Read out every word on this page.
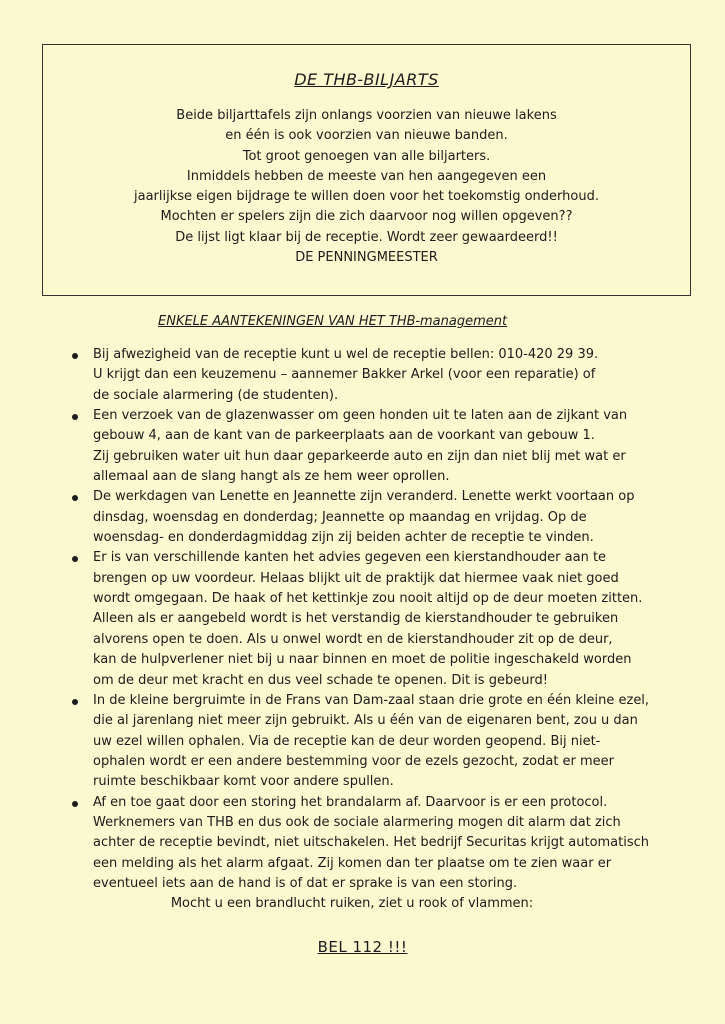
DE THB-BILJARTS
Beide biljarttafels zijn onlangs voorzien van nieuwe lakens
en één is ook voorzien van nieuwe banden.
Tot groot genoegen van alle biljarters.
Inmiddels hebben de meeste van hen aangegeven een
jaarlijkse eigen bijdrage te willen doen voor het toekomstig onderhoud.
Mochten er spelers zijn die zich daarvoor nog willen opgeven??
De lijst ligt klaar bij de receptie. Wordt zeer gewaardeerd!!
DE PENNINGMEESTER
ENKELE AANTEKENINGEN VAN HET THB-management
Bij afwezigheid van de receptie kunt u wel de receptie bellen: 010-420 29 39.
U krijgt dan een keuzemenu – aannemer Bakker Arkel (voor een reparatie) of
de sociale alarmering (de studenten).
Een verzoek van de glazenwasser om geen honden uit te laten aan de zijkant van
gebouw 4, aan de kant van de parkeerplaats aan de voorkant van gebouw 1.
Zij gebruiken water uit hun daar geparkeerde auto en zijn dan niet blij met wat er
allemaal aan de slang hangt als ze hem weer oprollen.
De werkdagen van Lenette en Jeannette zijn veranderd. Lenette werkt voortaan op
dinsdag, woensdag en donderdag; Jeannette op maandag en vrijdag. Op de
woensdag- en donderdagmiddag zijn zij beiden achter de receptie te vinden.
Er is van verschillende kanten het advies gegeven een kierstandhouder aan te
brengen op uw voordeur. Helaas blijkt uit de praktijk dat hiermee vaak niet goed
wordt omgegaan. De haak of het kettinkje zou nooit altijd op de deur moeten zitten.
Alleen als er aangebeld wordt is het verstandig de kierstandhouder te gebruiken
alvorens open te doen. Als u onwel wordt en de kierstandhouder zit op de deur,
kan de hulpverlener niet bij u naar binnen en moet de politie ingeschakeld worden
om de deur met kracht en dus veel schade te openen. Dit is gebeurd!
In de kleine bergruimte in de Frans van Dam-zaal staan drie grote en één kleine ezel,
die al jarenlang niet meer zijn gebruikt. Als u één van de eigenaren bent, zou u dan
uw ezel willen ophalen. Via de receptie kan de deur worden geopend. Bij niet-
ophalen wordt er een andere bestemming voor de ezels gezocht, zodat er meer
ruimte beschikbaar komt voor andere spullen.
Af en toe gaat door een storing het brandalarm af. Daarvoor is er een protocol.
Werknemers van THB en dus ook de sociale alarmering mogen dit alarm dat zich
achter de receptie bevindt, niet uitschakelen. Het bedrijf Securitas krijgt automatisch
een melding als het alarm afgaat. Zij komen dan ter plaatse om te zien waar er
eventueel iets aan de hand is of dat er sprake is van een storing.
Mocht u een brandlucht ruiken, ziet u rook of vlammen:
BEL 112 !!!
